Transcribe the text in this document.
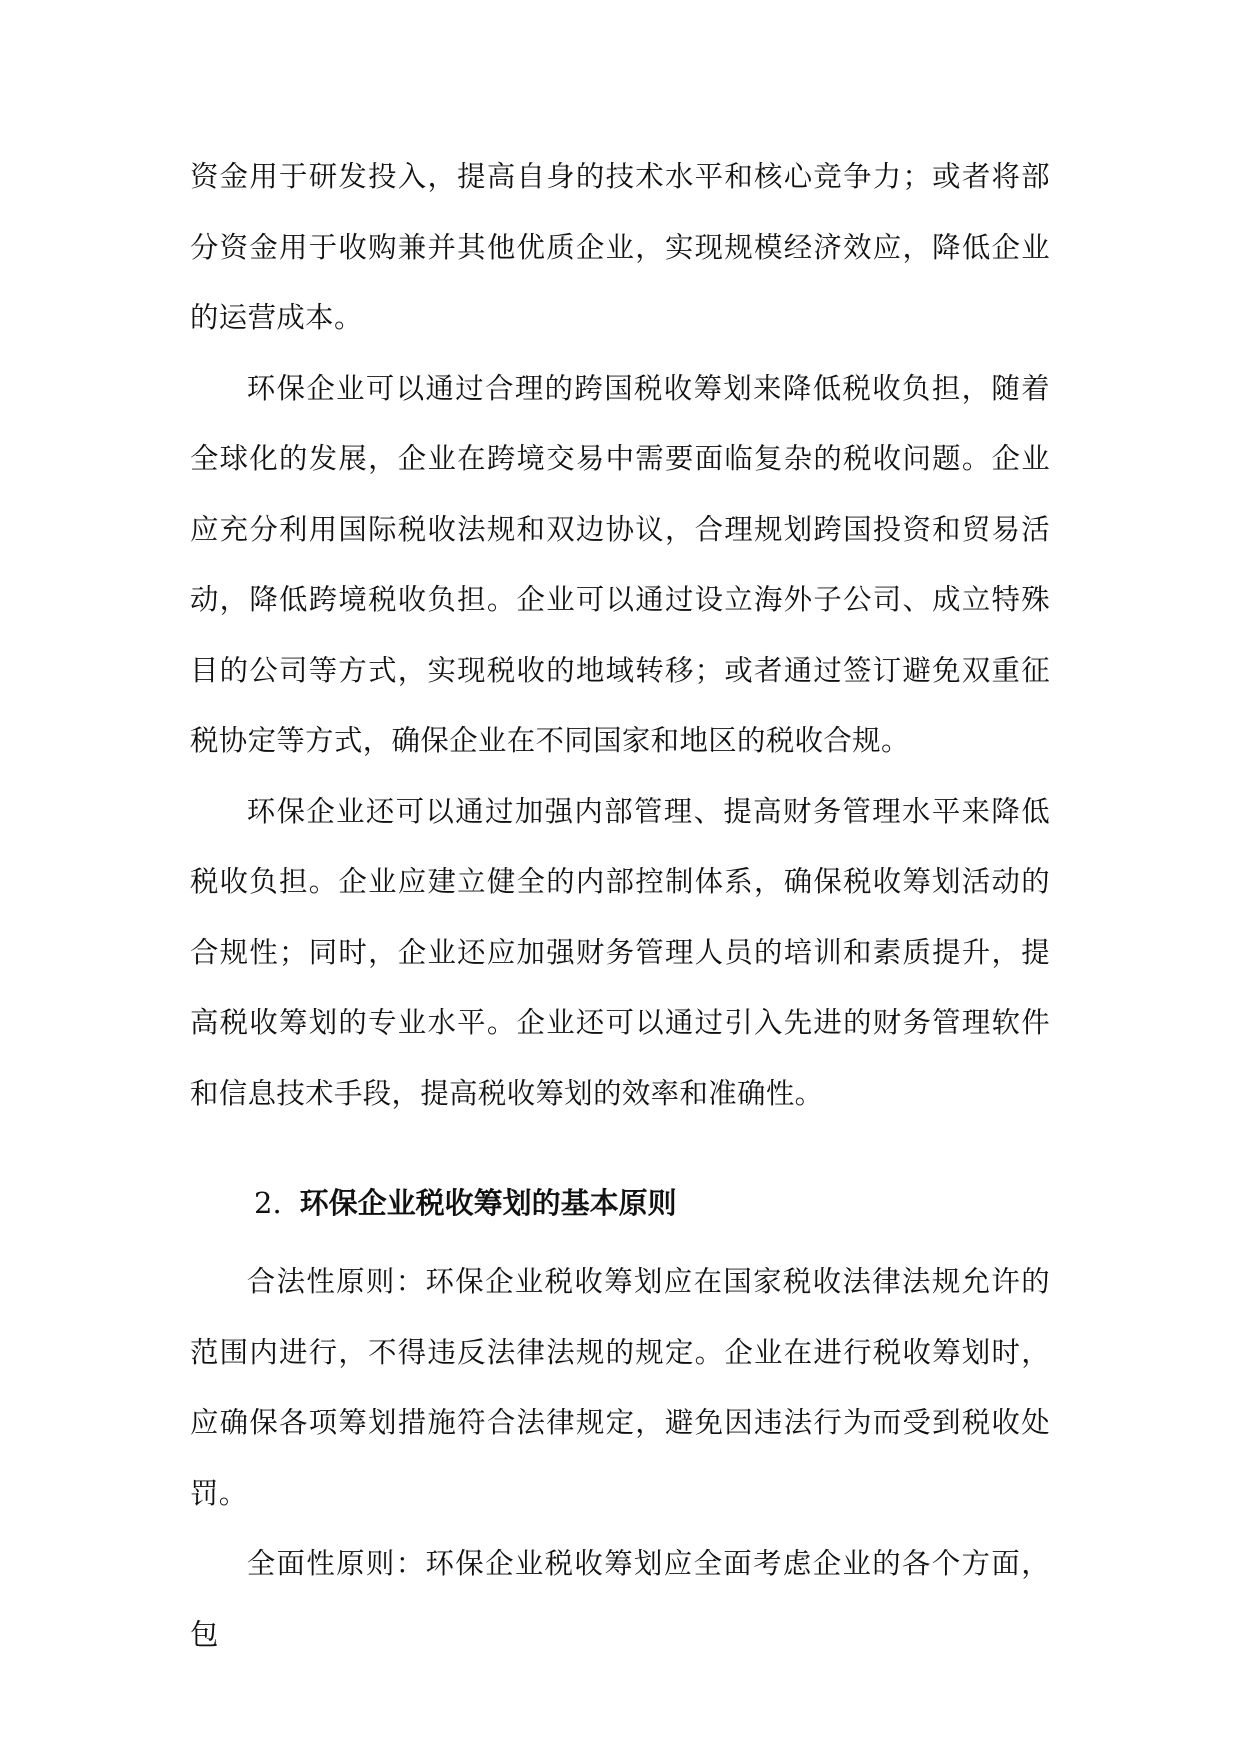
资金用于研发投入，提高自身的技术水平和核心竞争力；或者将部分资金用于收购兼并其他优质企业，实现规模经济效应，降低企业的运营成本。

环保企业可以通过合理的跨国税收筹划来降低税收负担，随着全球化的发展，企业在跨境交易中需要面临复杂的税收问题。企业应充分利用国际税收法规和双边协议，合理规划跨国投资和贸易活动，降低跨境税收负担。企业可以通过设立海外子公司、成立特殊目的公司等方式，实现税收的地域转移；或者通过签订避免双重征税协定等方式，确保企业在不同国家和地区的税收合规。

环保企业还可以通过加强内部管理、提高财务管理水平来降低税收负担。企业应建立健全的内部控制体系，确保税收筹划活动的合规性；同时，企业还应加强财务管理人员的培训和素质提升，提高税收筹划的专业水平。企业还可以通过引入先进的财务管理软件和信息技术手段，提高税收筹划的效率和准确性。

2. 环保企业税收筹划的基本原则

合法性原则：环保企业税收筹划应在国家税收法律法规允许的范围内进行，不得违反法律法规的规定。企业在进行税收筹划时，应确保各项筹划措施符合法律规定，避免因违法行为而受到税收处罚。

全面性原则：环保企业税收筹划应全面考虑企业的各个方面，包
